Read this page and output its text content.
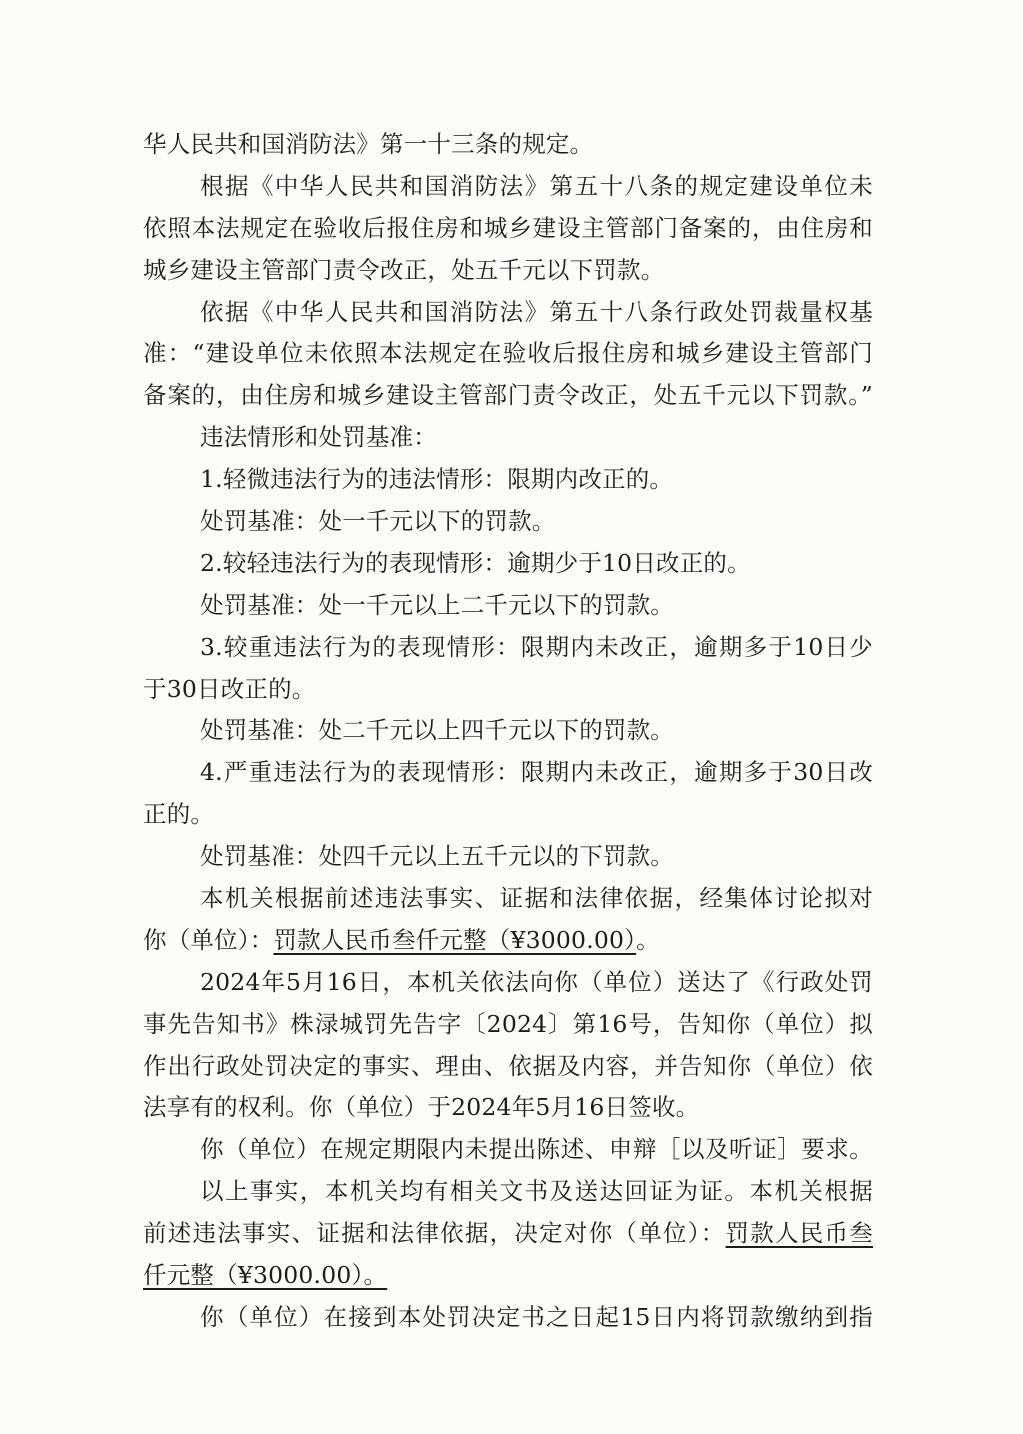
华人民共和国消防法》第一十三条的规定。
根据《中华人民共和国消防法》第五十八条的规定建设单位未
依照本法规定在验收后报住房和城乡建设主管部门备案的，由住房和
城乡建设主管部门责令改正，处五千元以下罚款。
依据《中华人民共和国消防法》第五十八条行政处罚裁量权基
准：“建设单位未依照本法规定在验收后报住房和城乡建设主管部门
备案的，由住房和城乡建设主管部门责令改正，处五千元以下罚款。”
违法情形和处罚基准：
1.轻微违法行为的违法情形：限期内改正的。
处罚基准：处一千元以下的罚款。
2.较轻违法行为的表现情形：逾期少于10日改正的。
处罚基准：处一千元以上二千元以下的罚款。
3.较重违法行为的表现情形：限期内未改正，逾期多于10日少
于30日改正的。
处罚基准：处二千元以上四千元以下的罚款。
4.严重违法行为的表现情形：限期内未改正，逾期多于30日改
正的。
处罚基准：处四千元以上五千元以的下罚款。
本机关根据前述违法事实、证据和法律依据，经集体讨论拟对
你（单位）：罚款人民币叁仟元整（¥3000.00）。
2024年5月16日，本机关依法向你（单位）送达了《行政处罚
事先告知书》株渌城罚先告字〔2024〕第16号，告知你（单位）拟
作出行政处罚决定的事实、理由、依据及内容，并告知你（单位）依
法享有的权利。你（单位）于2024年5月16日签收。
你（单位）在规定期限内未提出陈述、申辩［以及听证］要求。
以上事实，本机关均有相关文书及送达回证为证。本机关根据
前述违法事实、证据和法律依据，决定对你（单位）：罚款人民币叁
仟元整（¥3000.00）。
你（单位）在接到本处罚决定书之日起15日内将罚款缴纳到指
